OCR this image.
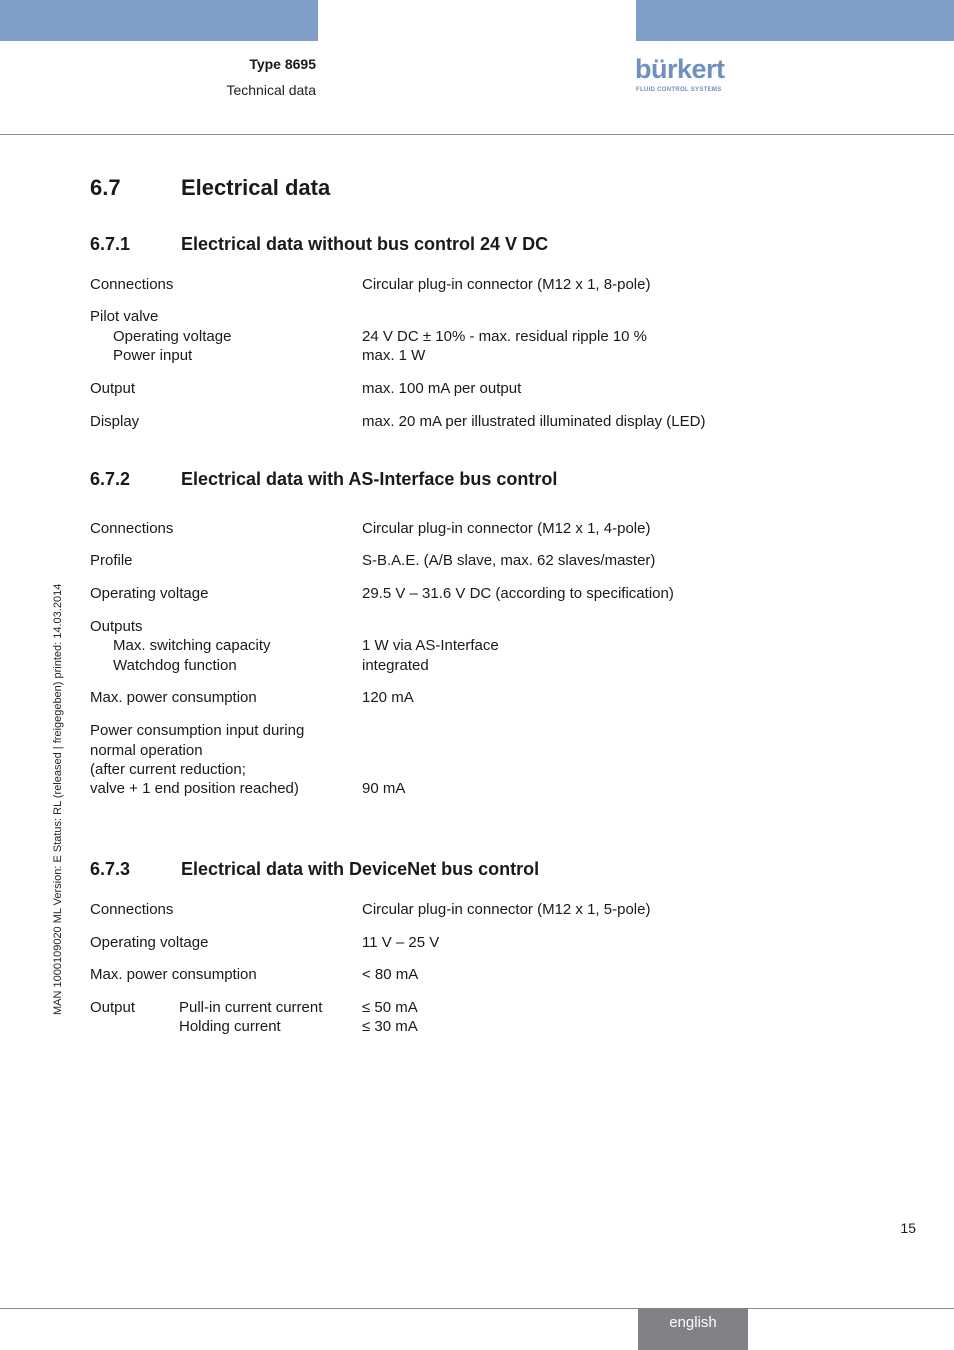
Type 8695
Technical data
bürkert
FLUID CONTROL SYSTEMS
MAN 1000109020 ML Version: E Status: RL (released | freigegeben) printed: 14.03.2014
6.7	Electrical data
6.7.1	Electrical data without bus control 24 V DC
Connections	Circular plug-in connector (M12 x 1, 8-pole)
Pilot valve
Operating voltage	24 V DC ± 10% - max. residual ripple 10 %
Power input	max. 1 W
Output	max. 100 mA per output
Display	max. 20 mA per illustrated illuminated display (LED)
6.7.2	Electrical data with AS-Interface bus control
Connections	Circular plug-in connector (M12 x 1, 4-pole)
Profile	S-B.A.E. (A/B slave, max. 62 slaves/master)
Operating voltage	29.5 V – 31.6 V DC (according to specification)
Outputs
Max. switching capacity	1 W via AS-Interface
Watchdog function	integrated
Max. power consumption	120 mA
Power consumption input during
normal operation
(after current reduction;
valve + 1 end position reached)	90 mA
6.7.3	Electrical data with DeviceNet bus control
Connections	Circular plug-in connector (M12 x 1, 5-pole)
Operating voltage	11 V – 25 V
Max. power consumption	< 80 mA
Output	Pull-in current current	≤ 50 mA
Holding current	≤ 30 mA
15
english
